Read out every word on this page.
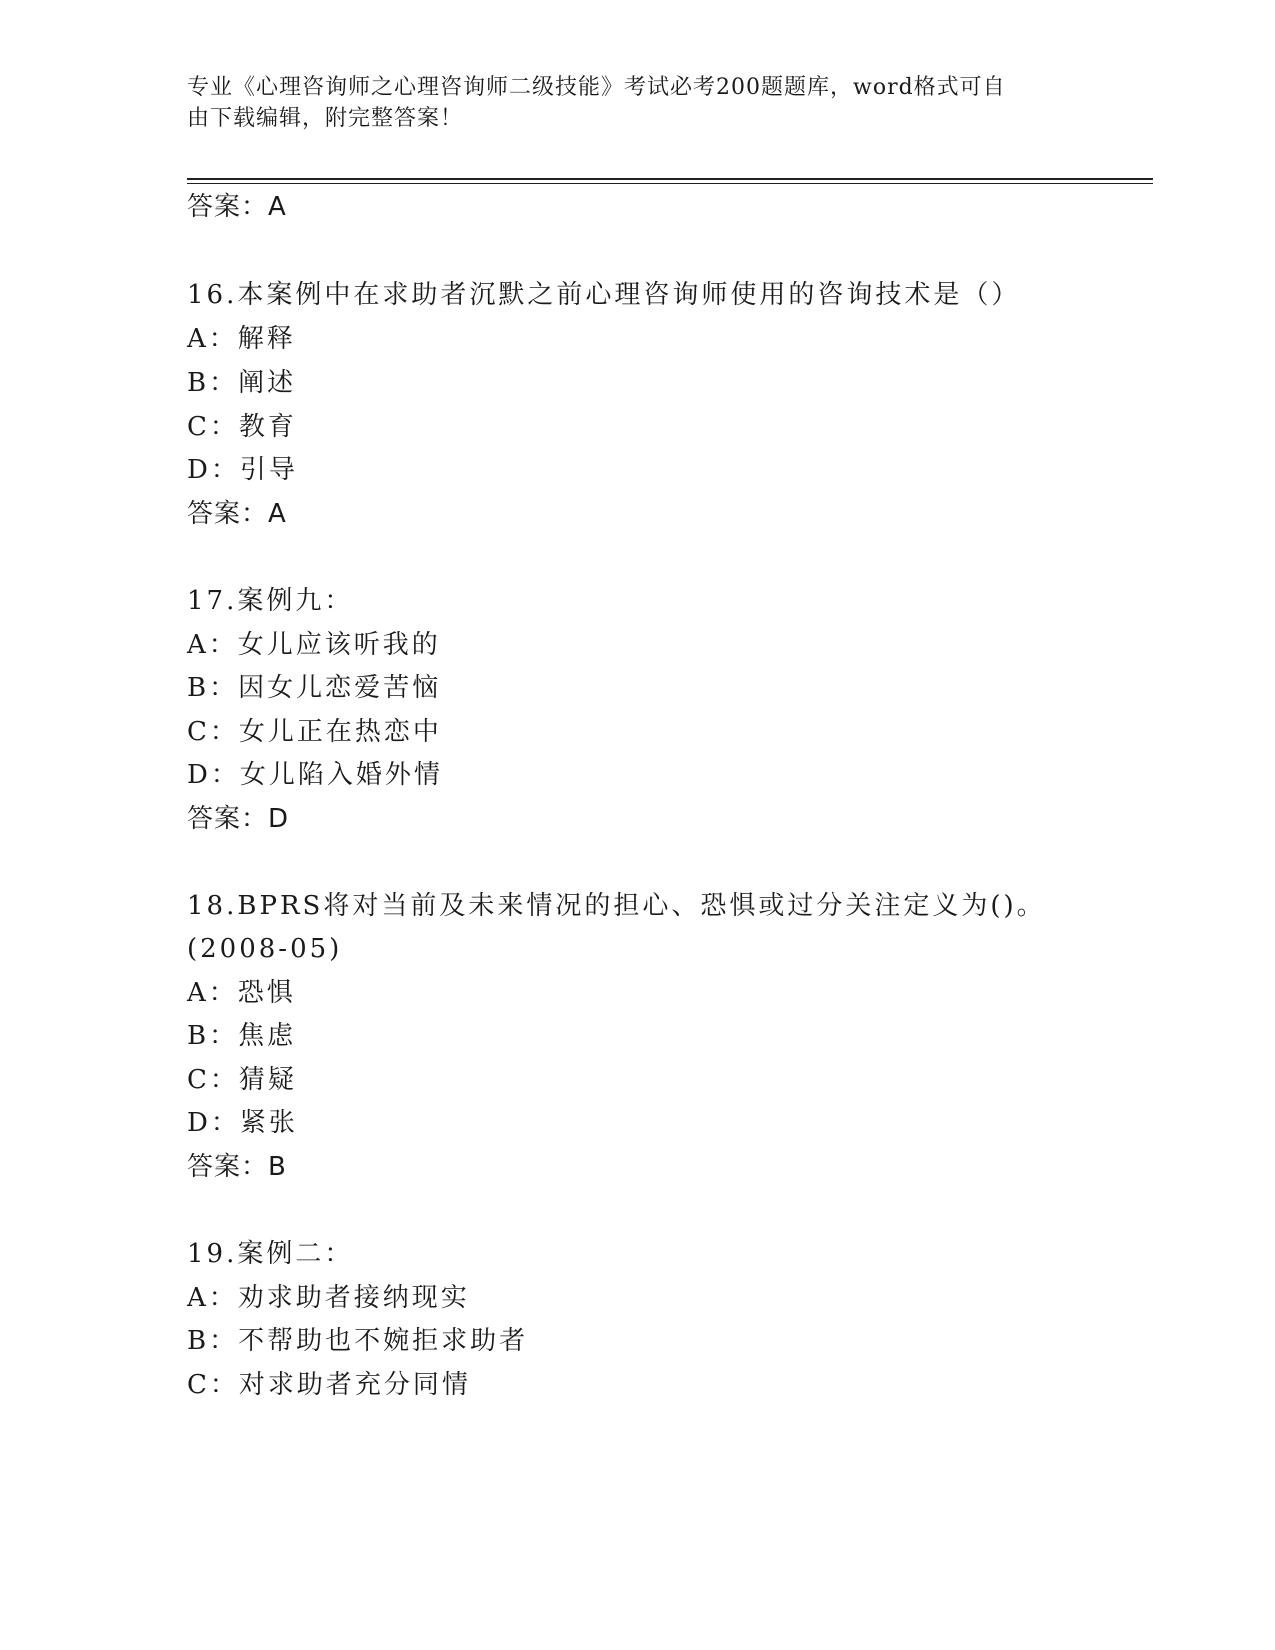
专业《心理咨询师之心理咨询师二级技能》考试必考200题题库，word格式可自
由下载编辑，附完整答案！
答案：A
16.本案例中在求助者沉默之前心理咨询师使用的咨询技术是（）
A：解释
B：阐述
C：教育
D：引导
答案：A
17.案例九：
A：女儿应该听我的
B：因女儿恋爱苦恼
C：女儿正在热恋中
D：女儿陷入婚外情
答案：D
18.BPRS将对当前及未来情况的担心、恐惧或过分关注定义为()。
(2008-05)
A：恐惧
B：焦虑
C：猜疑
D：紧张
答案：B
19.案例二：
A：劝求助者接纳现实
B：不帮助也不婉拒求助者
C：对求助者充分同情
